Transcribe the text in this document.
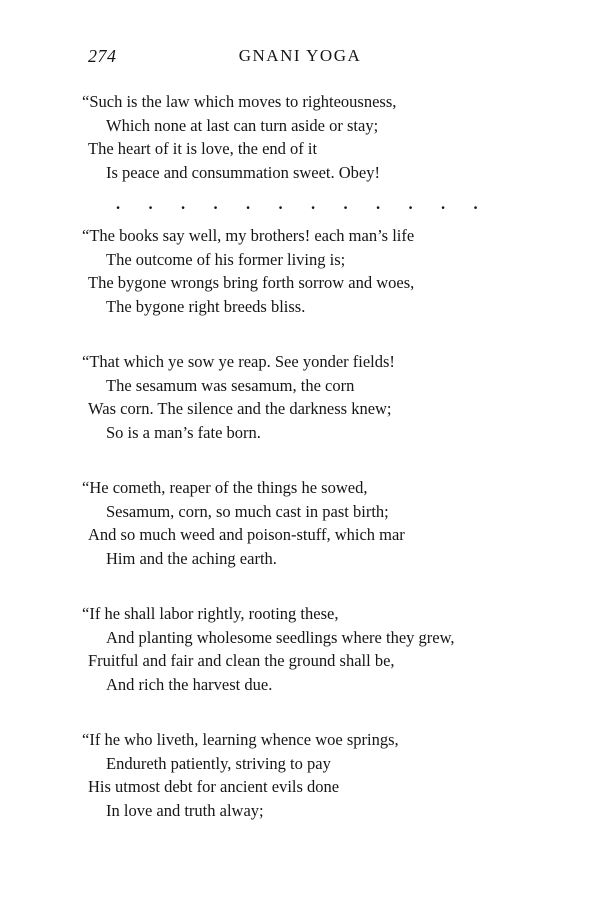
274	GNANI YOGA
“Such is the law which moves to righteousness,
Which none at last can turn aside or stay;
The heart of it is love, the end of it
Is peace and consummation sweet. Obey!
. . . . . . . . . . . .
“The books say well, my brothers! each man’s life
The outcome of his former living is;
The bygone wrongs bring forth sorrow and woes,
The bygone right breeds bliss.
“That which ye sow ye reap. See yonder fields!
The sesamum was sesamum, the corn
Was corn. The silence and the darkness knew;
So is a man’s fate born.
“He cometh, reaper of the things he sowed,
Sesamum, corn, so much cast in past birth;
And so much weed and poison-stuff, which mar
Him and the aching earth.
“If he shall labor rightly, rooting these,
And planting wholesome seedlings where they grew,
Fruitful and fair and clean the ground shall be,
And rich the harvest due.
“If he who liveth, learning whence woe springs,
Endureth patiently, striving to pay
His utmost debt for ancient evils done
In love and truth alway;
